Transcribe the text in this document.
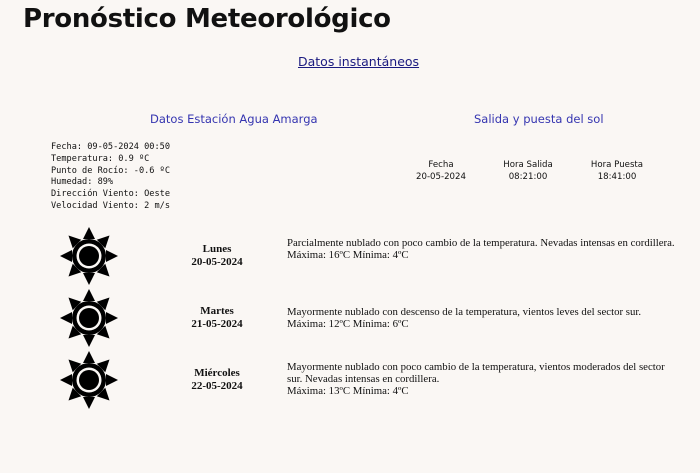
Pronóstico Meteorológico
Datos instantáneos
Datos Estación Agua Amarga	Salida y puesta del sol
Fecha: 09-05-2024 00:50
Temperatura: 0.9 ºC
Punto de Rocío: -0.6 ºC
Humedad: 89%
Dirección Viento: Oeste
Velocidad Viento: 2 m/s
Fecha
20-05-2024
Hora Salida
08:21:00
Hora Puesta
18:41:00
Lunes
20-05-2024
Parcialmente nublado con poco cambio de la temperatura. Nevadas intensas en cordillera.
Máxima: 16ºC Mínima: 4ºC
Martes
21-05-2024
Mayormente nublado con descenso de la temperatura, vientos leves del sector sur.
Máxima: 12ºC Mínima: 6ºC
Miércoles
22-05-2024
Mayormente nublado con poco cambio de la temperatura, vientos moderados del sector sur. Nevadas intensas en cordillera.
Máxima: 13ºC Mínima: 4ºC
